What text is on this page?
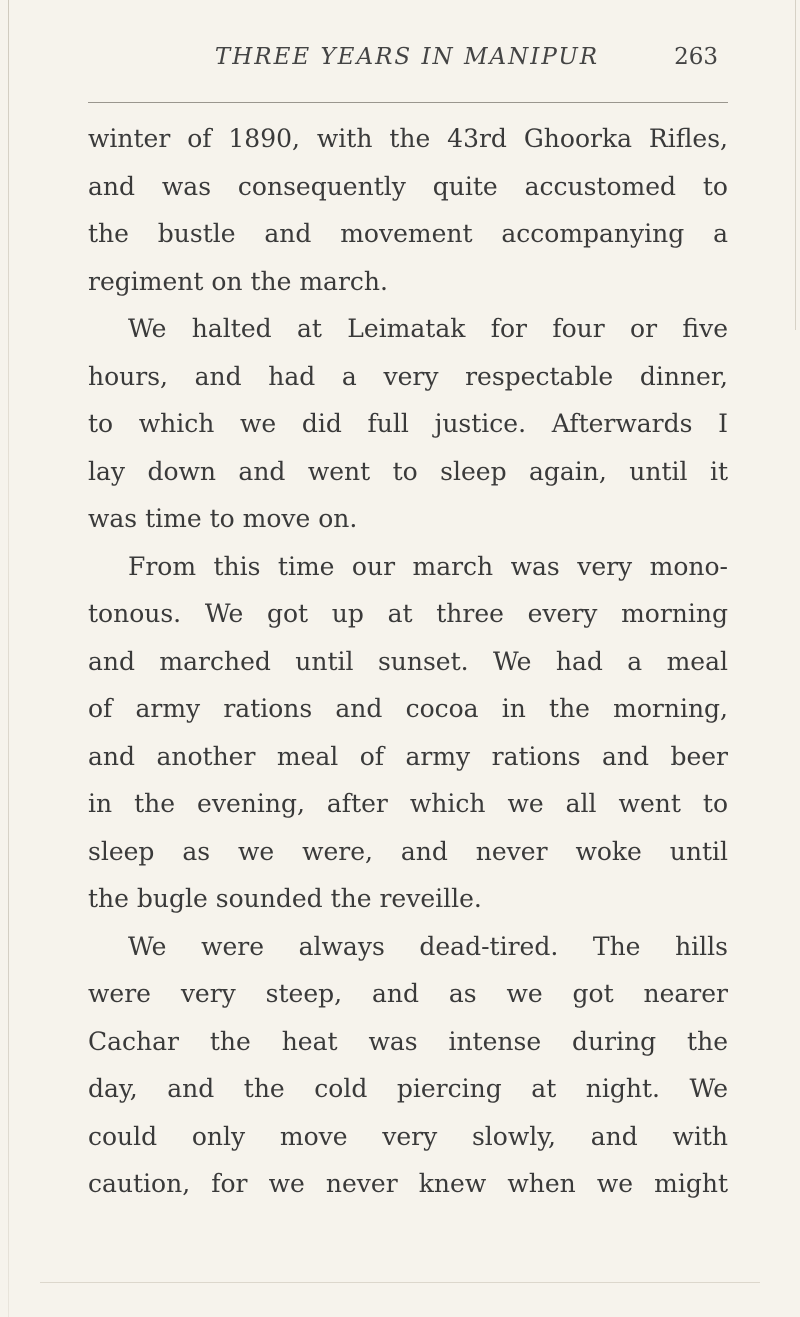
THREE YEARS IN MANIPUR	263
winter of 1890, with the 43rd Ghoorka Rifles,
and was consequently quite accustomed to
the bustle and movement accompanying a
regiment on the march.
We halted at Leimatak for four or five
hours, and had a very respectable dinner,
to which we did full justice. Afterwards I
lay down and went to sleep again, until it
was time to move on.
From this time our march was very mono-
tonous. We got up at three every morning
and marched until sunset. We had a meal
of army rations and cocoa in the morning,
and another meal of army rations and beer
in the evening, after which we all went to
sleep as we were, and never woke until
the bugle sounded the reveille.
We were always dead-tired. The hills
were very steep, and as we got nearer
Cachar the heat was intense during the
day, and the cold piercing at night. We
could only move very slowly, and with
caution, for we never knew when we might
